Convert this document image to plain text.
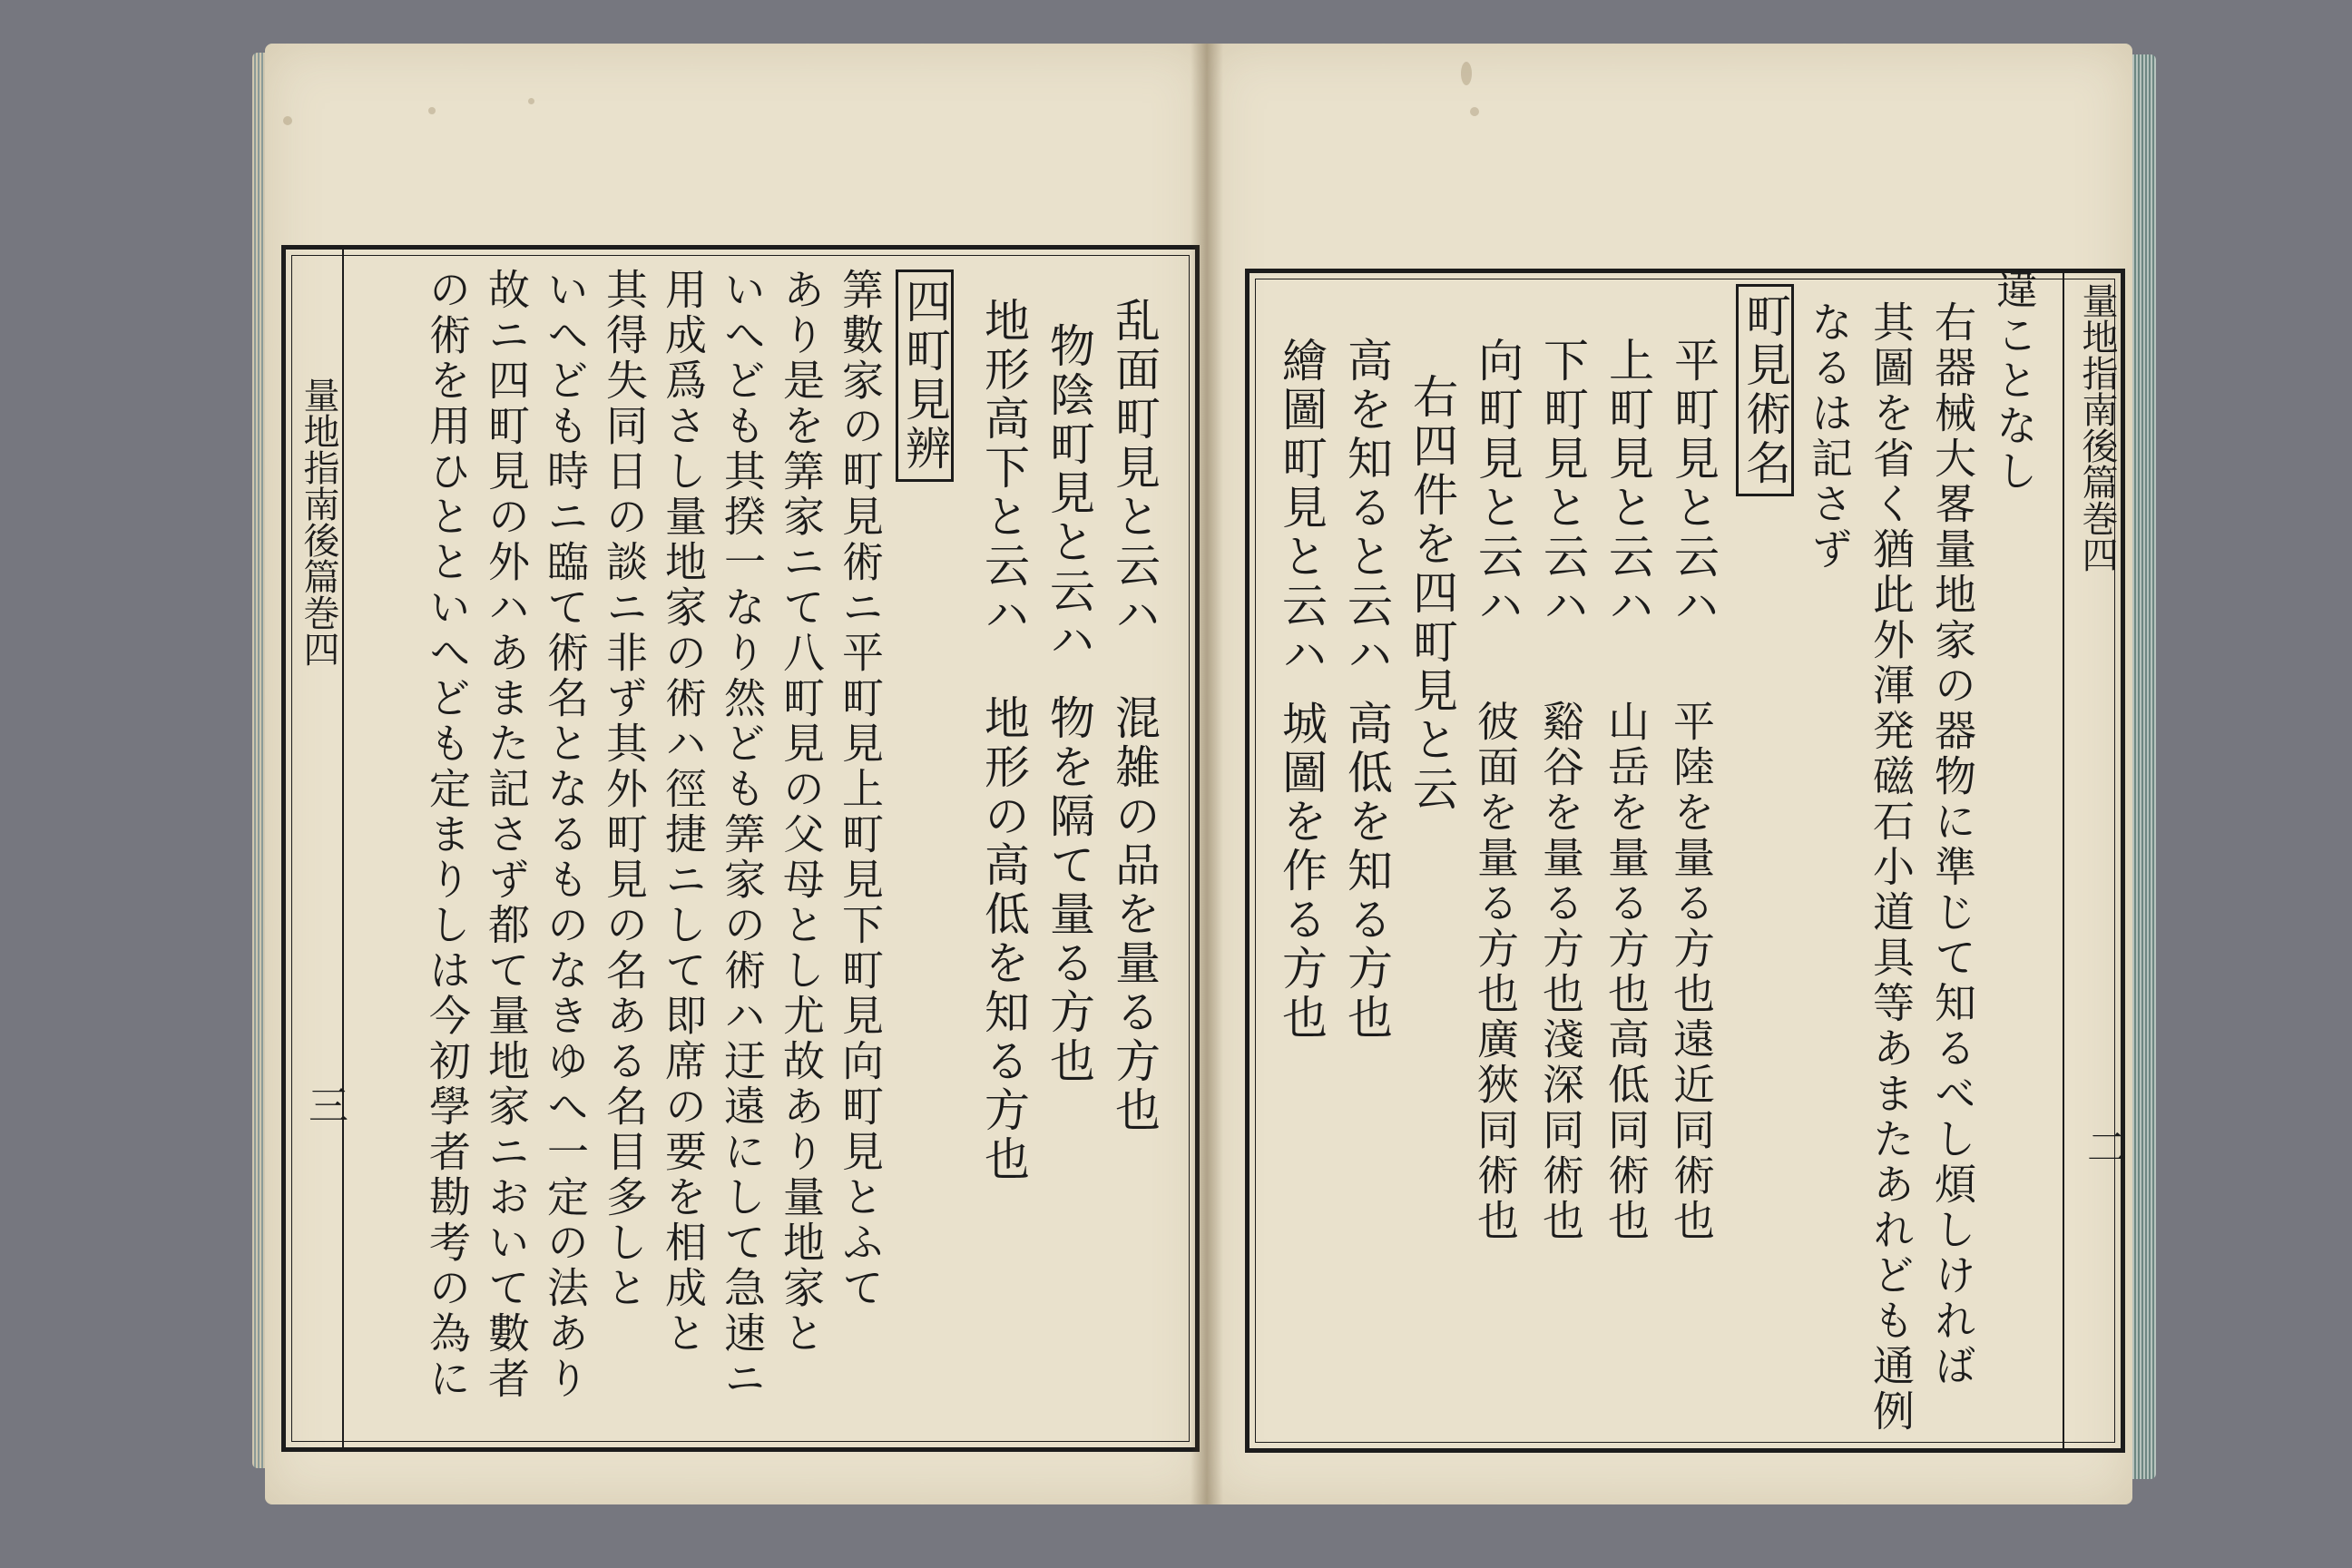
量地指南後篇巻四
三
乱面町見と云ハ
混雑の品を量る方也
物陰町見と云ハ
物を隔て量る方也
地形高下と云ハ
地形の高低を知る方也
四町見辨
筭數家の町見術ニ平町見上町見下町見向町見とふて
あり是を筭家ニて八町見の父母とし尤故あり量地家と
いへども其揆一なり然ども筭家の術ハ迂遠にして急速ニ
用成爲さし量地家の術ハ徑捷ニして即席の要を相成と
其得失同日の談ニ非ず其外町見の名ある名目多しと
いへども時ニ臨て術名となるものなきゆへ一定の法あり
故ニ四町見の外ハあまた記さず都て量地家ニおいて數者
の術を用ひとといへども定まりしは今初學者勘考の為に	量地指南後篇巻四
二
違ことなし
右器械大畧量地家の器物に準じて知るべし煩しければ
其圖を省く猶此外渾発磁石小道具等あまたあれども通例
なるは記さず
町見術名
平町見と云ハ
平陸を量る方也遠近同術也
上町見と云ハ
山岳を量る方也高低同術也
下町見と云ハ
谿谷を量る方也淺深同術也
向町見と云ハ
彼面を量る方也廣狹同術也
右四件を四町見と云
高を知ると云ハ
高低を知る方也
繪圖町見と云ハ
城圖を作る方也
